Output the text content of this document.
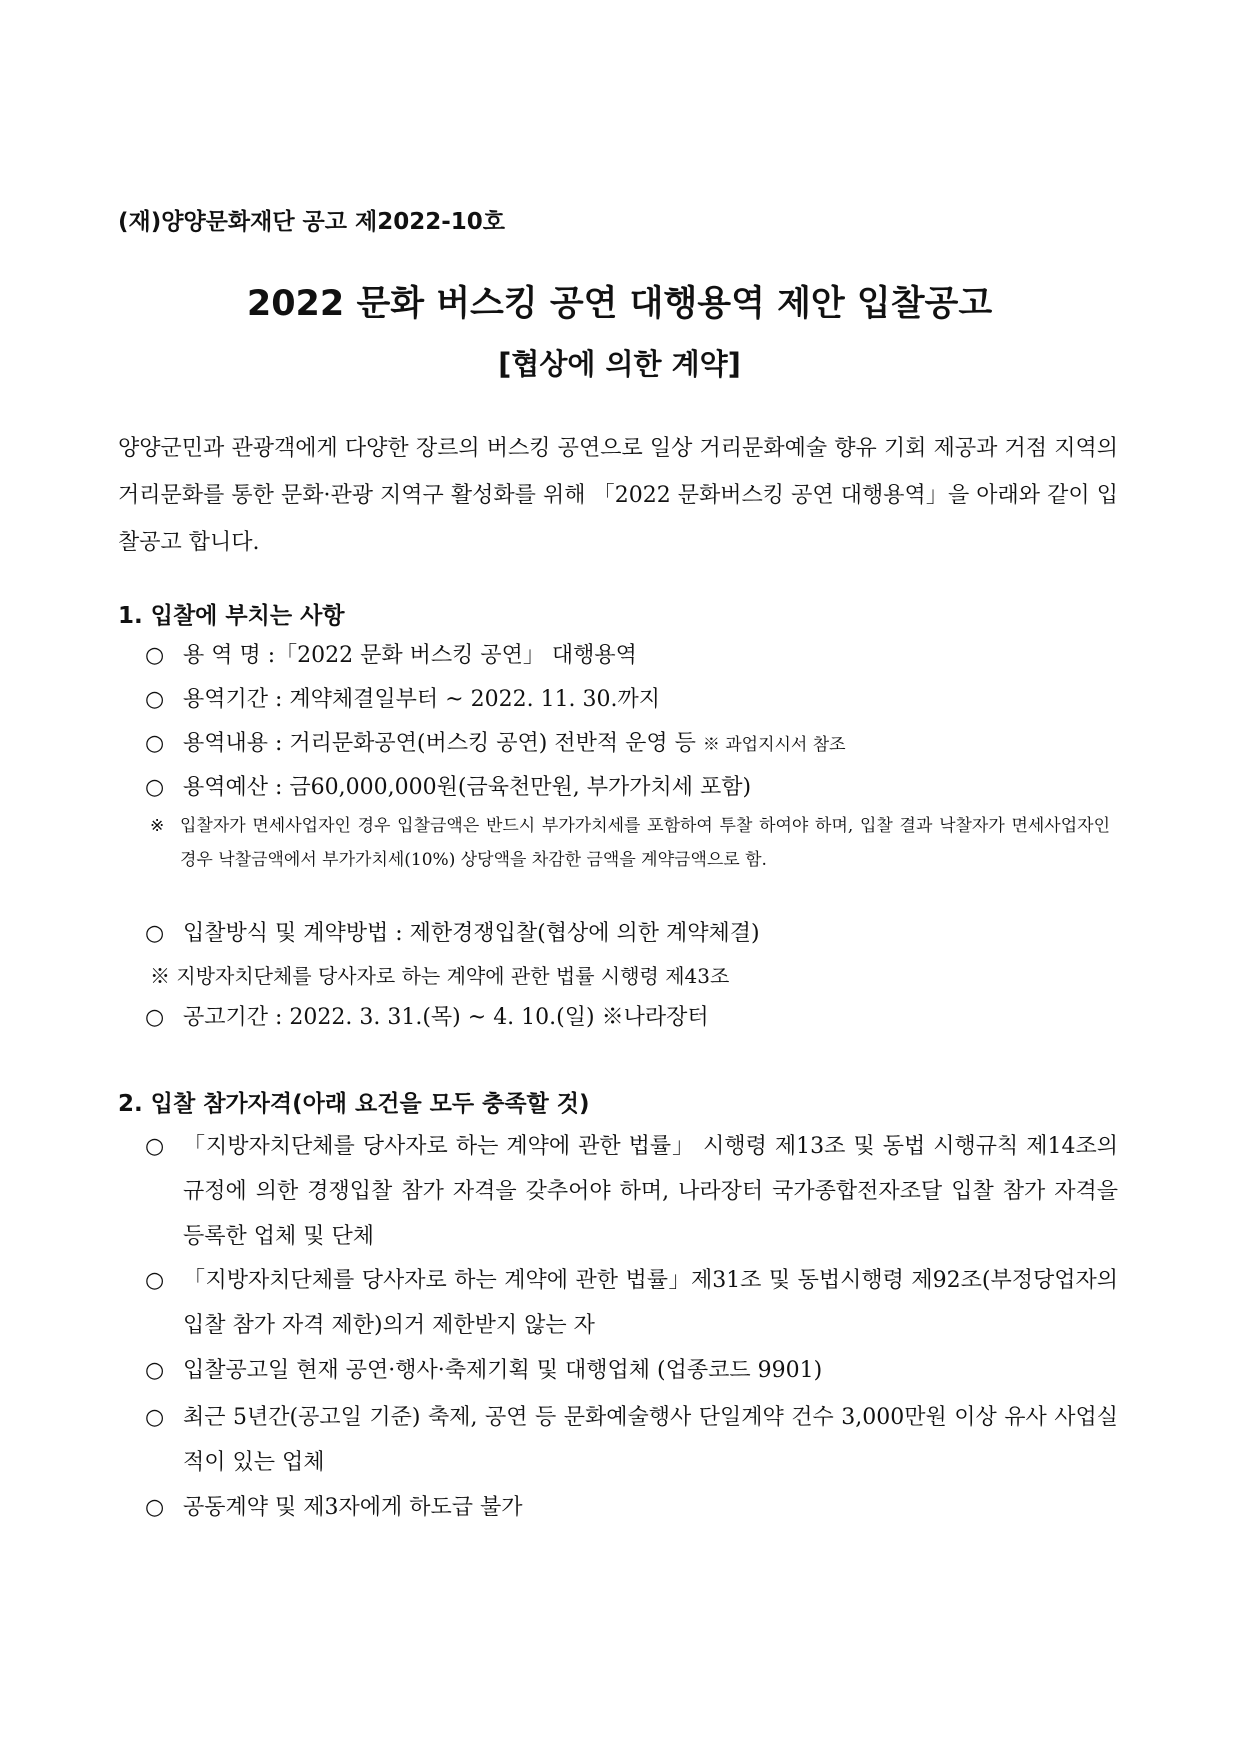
(재)양양문화재단 공고 제2022-10호
2022 문화 버스킹 공연 대행용역 제안 입찰공고
[협상에 의한 계약]
양양군민과 관광객에게 다양한 장르의 버스킹 공연으로 일상 거리문화예술 향유 기회 제공과 거점 지역의 거리문화를 통한 문화·관광 지역구 활성화를 위해 「2022 문화버스킹 공연 대행용역」을 아래와 같이 입찰공고 합니다.
1. 입찰에 부치는 사항
○ 용 역 명 :「2022 문화 버스킹 공연」 대행용역
○ 용역기간 : 계약체결일부터 ~ 2022. 11. 30.까지
○ 용역내용 : 거리문화공연(버스킹 공연) 전반적 운영 등 ※ 과업지시서 참조
○ 용역예산 : 금60,000,000원(금육천만원, 부가가치세 포함)
※ 입찰자가 면세사업자인 경우 입찰금액은 반드시 부가가치세를 포함하여 투찰 하여야 하며, 입찰 결과 낙찰자가 면세사업자인 경우 낙찰금액에서 부가가치세(10%) 상당액을 차감한 금액을 계약금액으로 함.
○ 입찰방식 및 계약방법 : 제한경쟁입찰(협상에 의한 계약체결)
※ 지방자치단체를 당사자로 하는 계약에 관한 법률 시행령 제43조
○ 공고기간 : 2022. 3. 31.(목) ~ 4. 10.(일) ※나라장터
2. 입찰 참가자격(아래 요건을 모두 충족할 것)
○ 「지방자치단체를 당사자로 하는 계약에 관한 법률」 시행령 제13조 및 동법 시행규칙 제14조의 규정에 의한 경쟁입찰 참가 자격을 갖추어야 하며, 나라장터 국가종합전자조달 입찰 참가 자격을 등록한 업체 및 단체
○ 「지방자치단체를 당사자로 하는 계약에 관한 법률」제31조 및 동법시행령 제92조(부정당업자의 입찰 참가 자격 제한)의거 제한받지 않는 자
○ 입찰공고일 현재 공연·행사·축제기획 및 대행업체 (업종코드 9901)
○ 최근 5년간(공고일 기준) 축제, 공연 등 문화예술행사 단일계약 건수 3,000만원 이상 유사 사업실적이 있는 업체
○ 공동계약 및 제3자에게 하도급 불가
